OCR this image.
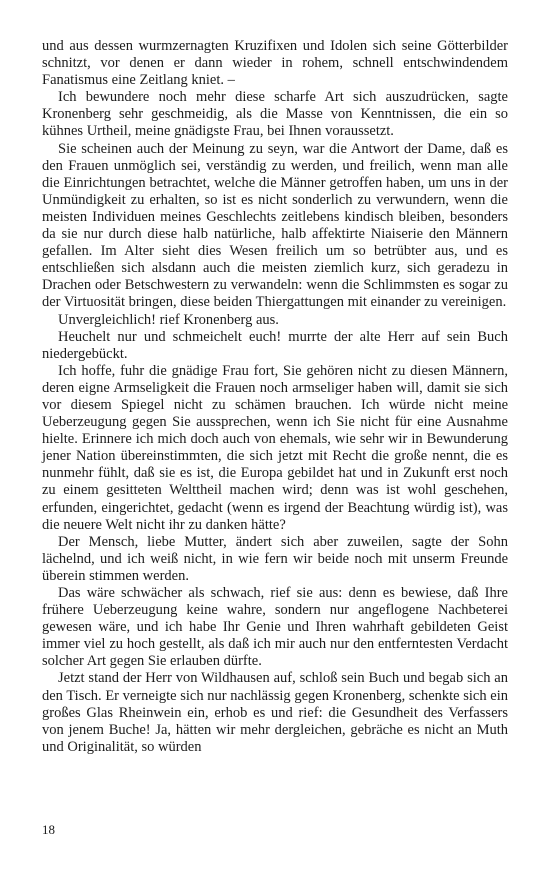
und aus dessen wurmzernagten Kruzifixen und Idolen sich seine Götterbilder schnitzt, vor denen er dann wieder in rohem, schnell entschwindendem Fanatismus eine Zeitlang kniet. –

Ich bewundere noch mehr diese scharfe Art sich auszudrücken, sagte Kronenberg sehr geschmeidig, als die Masse von Kenntnissen, die ein so kühnes Urtheil, meine gnädigste Frau, bei Ihnen voraussetzt.

Sie scheinen auch der Meinung zu seyn, war die Antwort der Dame, daß es den Frauen unmöglich sei, verständig zu werden, und freilich, wenn man alle die Einrichtungen betrachtet, welche die Männer getroffen haben, um uns in der Unmündigkeit zu erhalten, so ist es nicht sonderlich zu verwundern, wenn die meisten Individuen meines Geschlechts zeitlebens kindisch bleiben, besonders da sie nur durch diese halb natürliche, halb affektirte Niaiserie den Männern gefallen. Im Alter sieht dies Wesen freilich um so betrübter aus, und es entschließen sich alsdann auch die meisten ziemlich kurz, sich geradezu in Drachen oder Betschwestern zu verwandeln: wenn die Schlimmsten es sogar zu der Virtuosität bringen, diese beiden Thiergattungen mit einander zu vereinigen.

Unvergleichlich! rief Kronenberg aus.

Heuchelt nur und schmeichelt euch! murrte der alte Herr auf sein Buch niedergebückt.

Ich hoffe, fuhr die gnädige Frau fort, Sie gehören nicht zu diesen Männern, deren eigne Armseligkeit die Frauen noch armseliger haben will, damit sie sich vor diesem Spiegel nicht zu schämen brauchen. Ich würde nicht meine Ueberzeugung gegen Sie aussprechen, wenn ich Sie nicht für eine Ausnahme hielte. Erinnere ich mich doch auch von ehemals, wie sehr wir in Bewunderung jener Nation übereinstimmten, die sich jetzt mit Recht die große nennt, die es nunmehr fühlt, daß sie es ist, die Europa gebildet hat und in Zukunft erst noch zu einem gesitteten Welttheil machen wird; denn was ist wohl geschehen, erfunden, eingerichtet, gedacht (wenn es irgend der Beachtung würdig ist), was die neuere Welt nicht ihr zu danken hätte?

Der Mensch, liebe Mutter, ändert sich aber zuweilen, sagte der Sohn lächelnd, und ich weiß nicht, in wie fern wir beide noch mit unserm Freunde überein stimmen werden.

Das wäre schwächer als schwach, rief sie aus: denn es bewiese, daß Ihre frühere Ueberzeugung keine wahre, sondern nur angeflogene Nachbeterei gewesen wäre, und ich habe Ihr Genie und Ihren wahrhaft gebildeten Geist immer viel zu hoch gestellt, als daß ich mir auch nur den entferntesten Verdacht solcher Art gegen Sie erlauben dürfte.

Jetzt stand der Herr von Wildhausen auf, schloß sein Buch und begab sich an den Tisch. Er verneigte sich nur nachlässig gegen Kronenberg, schenkte sich ein großes Glas Rheinwein ein, erhob es und rief: die Gesundheit des Verfassers von jenem Buche! Ja, hätten wir mehr dergleichen, gebräche es nicht an Muth und Originalität, so würden

18
